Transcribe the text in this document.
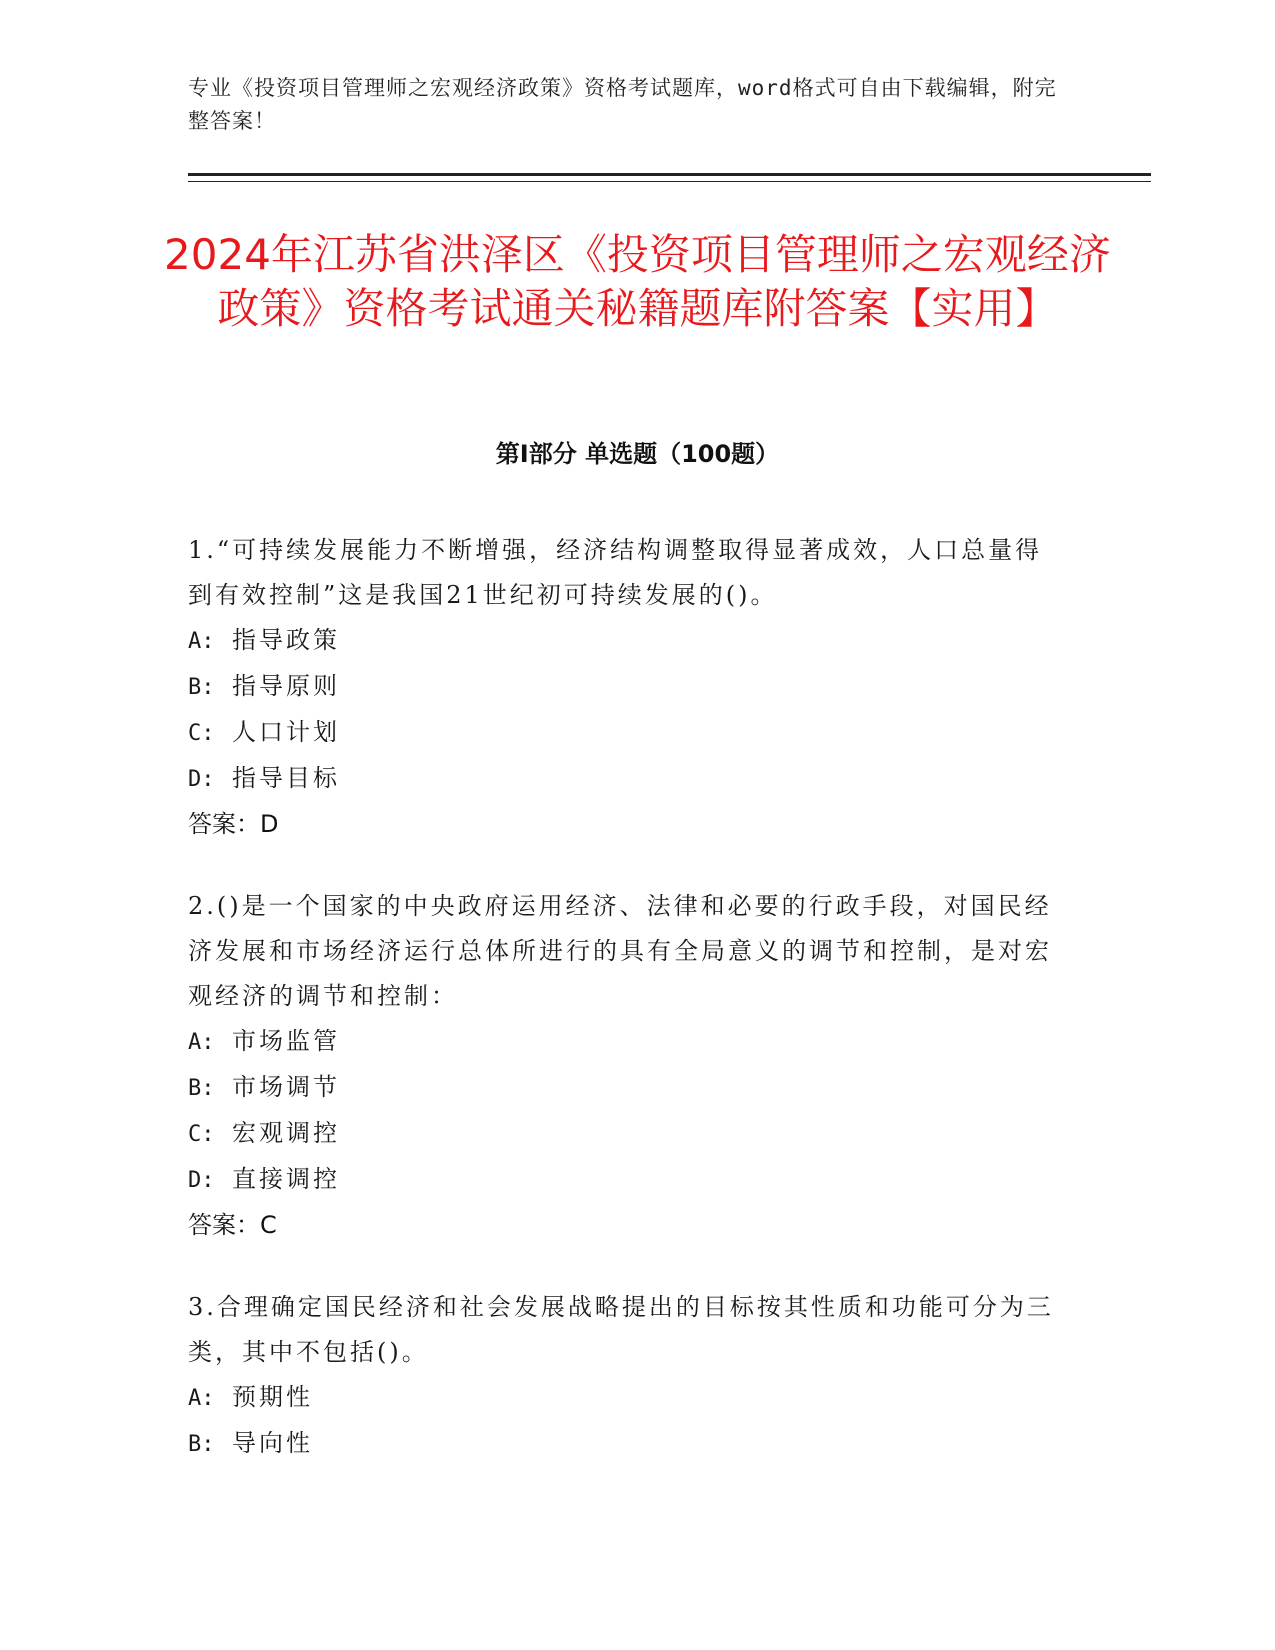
专业《投资项目管理师之宏观经济政策》资格考试题库，word格式可自由下载编辑，附完整答案！
2024年江苏省洪泽区《投资项目管理师之宏观经济政策》资格考试通关秘籍题库附答案【实用】
第Ⅰ部分 单选题（100题）

1.“可持续发展能力不断增强，经济结构调整取得显著成效，人口总量得到有效控制”这是我国21世纪初可持续发展的()。

A: 指导政策
B: 指导原则
C: 人口计划
D: 指导目标

答案：D

2.()是一个国家的中央政府运用经济、法律和必要的行政手段，对国民经济发展和市场经济运行总体所进行的具有全局意义的调节和控制，是对宏观经济的调节和控制：

A: 市场监管
B: 市场调节
C: 宏观调控
D: 直接调控

答案：C

3.合理确定国民经济和社会发展战略提出的目标按其性质和功能可分为三类，其中不包括()。

A: 预期性
B: 导向性
